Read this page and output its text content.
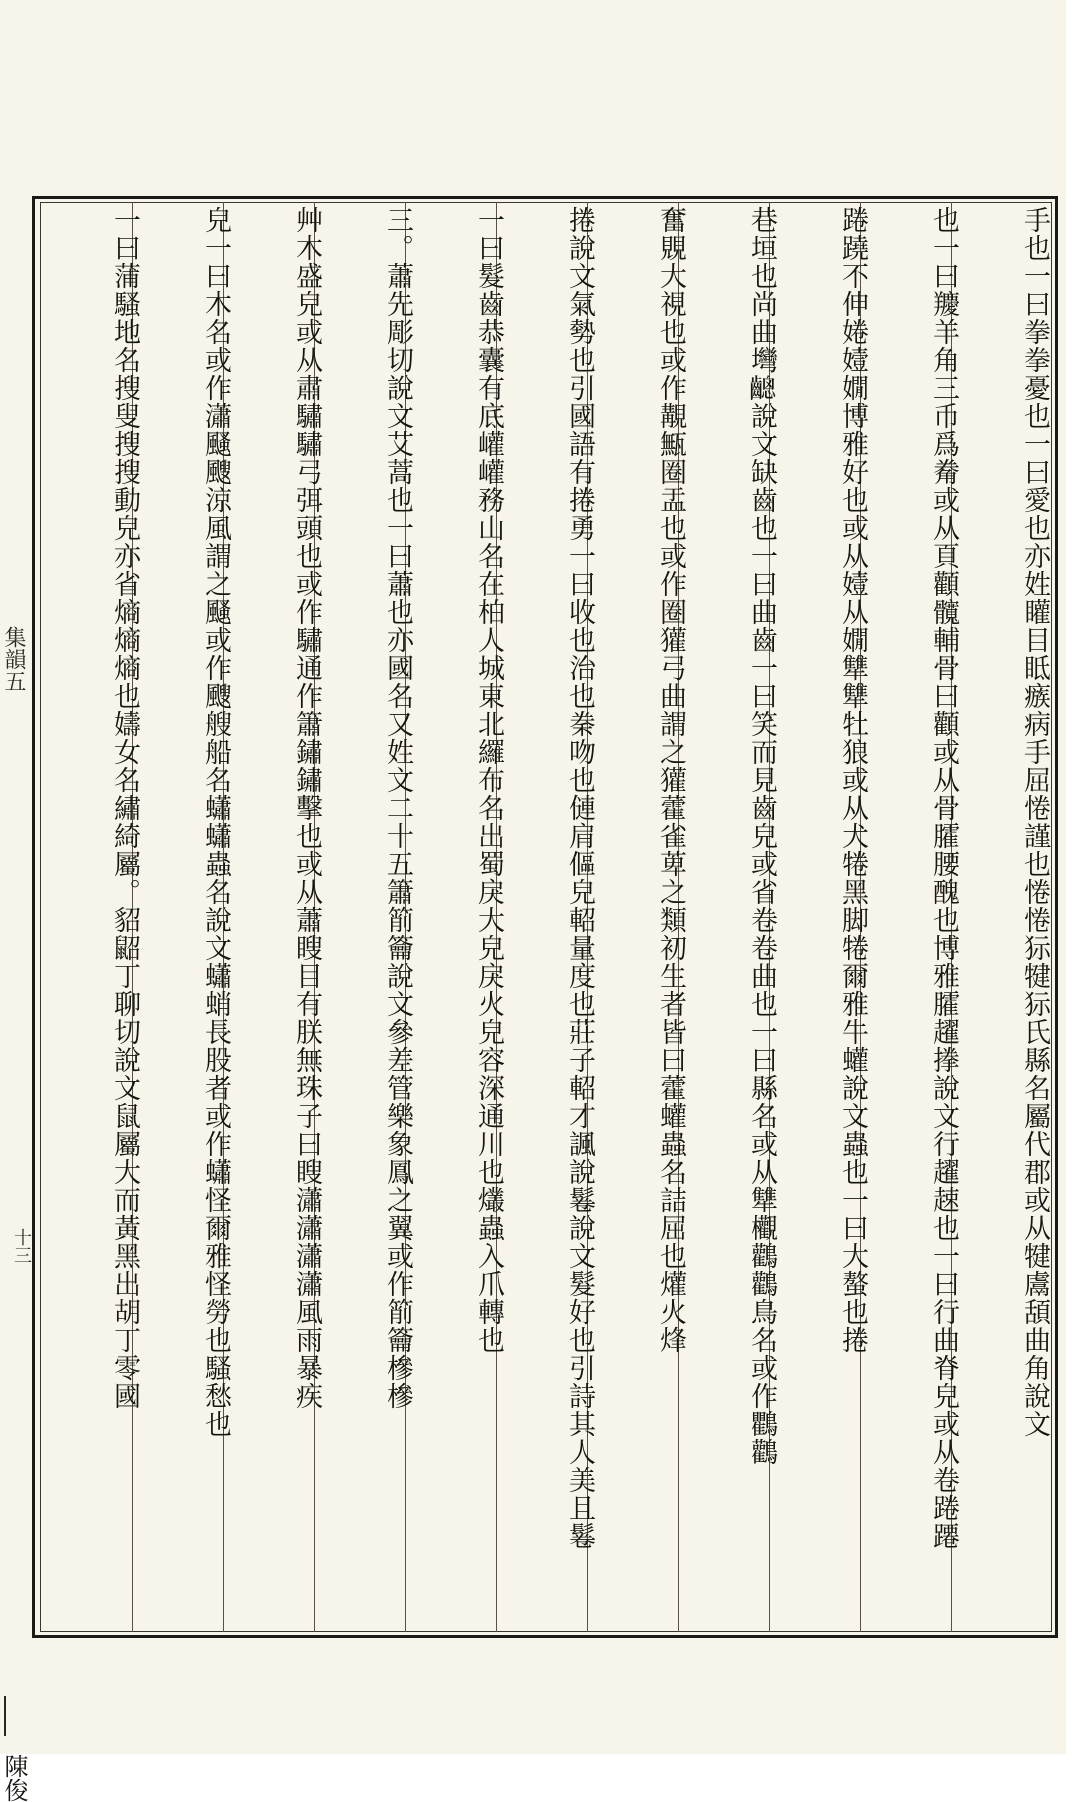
集韻五
十三
陳俊
手也一曰拳拳憂也一曰愛也亦姓矔目眡瘯病手屈惓謹也惓惓狋犍狋氏縣名屬代郡或从犍鬳頢曲角說文
也一曰羻羊角三币爲觠或从頁顴髖輔骨曰顴或从骨臛腰醜也博雅臛趯搼說文行趯趚也一曰行曲脊皃或从卷踡蹮
踡蹺不伸婘嬄嫺博雅好也或从嬄从嫺犨犨牡狼或从犬犈黑脚犈爾雅牛蠸說文蟲也一曰大螯也捲
巷垣也尚曲壪𪙋說文缺齒也一曰曲齒一曰笑而見齒皃或省卷卷曲也一曰縣名或从犨欟鸛鸛鳥名或作鸜鸛
奮覞大視也或作覯甒圈盂也或作圈獾弓曲謂之獾藿雀萆之類初生者皆曰藿蠸蟲名詰屈也爟火烽
捲說文氣勢也引國語有捲勇一曰收也治也䅈吻也僆肩傴皃軺量度也莊子軺才諷說鬈說文髮好也引詩其人美且鬈
一曰髮齒恭囊有底巏巏務山名在柏人城東北纙布名出蜀戾大皃戾火皃容深通川也爜蟲入爪轉也
三。蕭先彫切說文艾蒿也一曰蕭也亦國名又姓文二十五簫箾籥說文參差管樂象鳳之翼或作箾籥槮槮
艸木盛皃或从肅驌驌弓弭頭也或作驌通作簫鏽鏽擊也或从蕭瞍目有朕無珠子曰瞍瀟瀟瀟瀟風雨暴疾
皃一曰木名或作瀟颾颼涼風謂之颾或作颼艘船名蠨蠨蟲名說文蠨蛸長股者或作蠨怪爾雅怪勞也騷愁也
一曰蒲騷地名搜叟搜搜動皃亦省熵熵熵也嬦女名繡綺屬。貂鼦丁聊切說文鼠屬大而黃黑出胡丁零國
